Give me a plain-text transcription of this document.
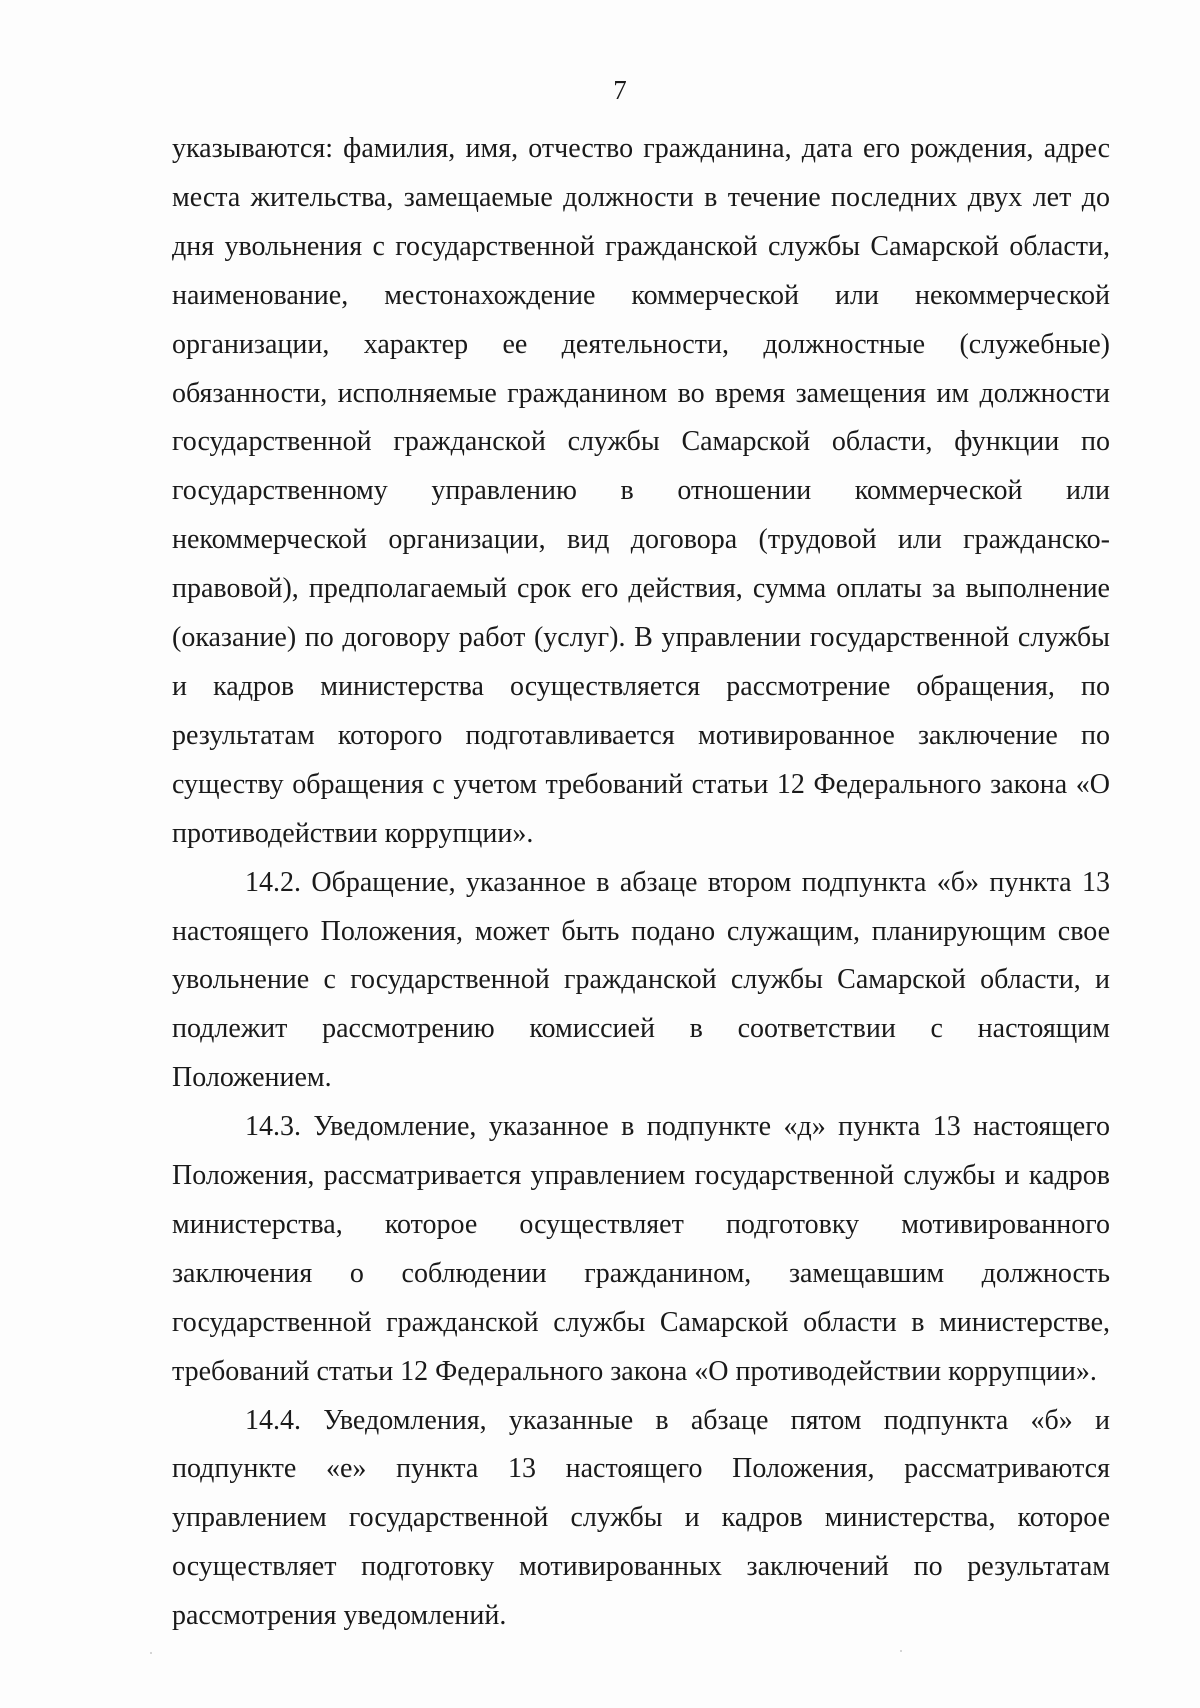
7

указываются: фамилия, имя, отчество гражданина, дата его рождения, адрес места жительства, замещаемые должности в течение последних двух лет до дня увольнения с государственной гражданской службы Самарской области, наименование, местонахождение коммерческой или некоммерческой организации, характер ее деятельности, должностные (служебные) обязанности, исполняемые гражданином во время замещения им должности государственной гражданской службы Самарской области, функции по государственному управлению в отношении коммерческой или некоммерческой организации, вид договора (трудовой или гражданско-правовой), предполагаемый срок его действия, сумма оплаты за выполнение (оказание) по договору работ (услуг). В управлении государственной службы и кадров министерства осуществляется рассмотрение обращения, по результатам которого подготавливается мотивированное заключение по существу обращения с учетом требований статьи 12 Федерального закона «О противодействии коррупции».

14.2. Обращение, указанное в абзаце втором подпункта «б» пункта 13 настоящего Положения, может быть подано служащим, планирующим свое увольнение с государственной гражданской службы Самарской области, и подлежит рассмотрению комиссией в соответствии с настоящим Положением.

14.3. Уведомление, указанное в подпункте «д» пункта 13 настоящего Положения, рассматривается управлением государственной службы и кадров министерства, которое осуществляет подготовку мотивированного заключения о соблюдении гражданином, замещавшим должность государственной гражданской службы Самарской области в министерстве, требований статьи 12 Федерального закона «О противодействии коррупции».

14.4. Уведомления, указанные в абзаце пятом подпункта «б» и подпункте «е» пункта 13 настоящего Положения, рассматриваются управлением государственной службы и кадров министерства, которое осуществляет подготовку мотивированных заключений по результатам рассмотрения уведомлений.
